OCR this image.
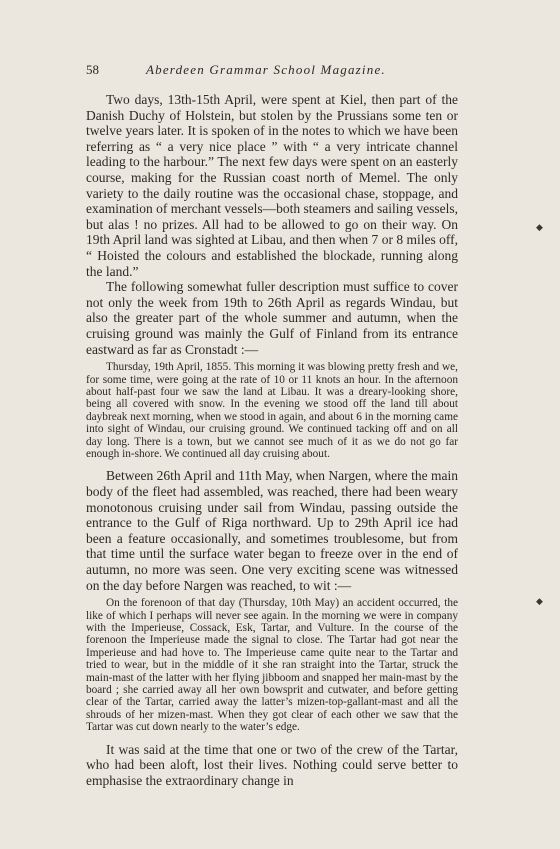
58	Aberdeen Grammar School Magazine.

Two days, 13th-15th April, were spent at Kiel, then part of the Danish Duchy of Holstein, but stolen by the Prussians some ten or twelve years later. It is spoken of in the notes to which we have been referring as “ a very nice place ” with “ a very intricate channel leading to the harbour.” The next few days were spent on an easterly course, making for the Russian coast north of Memel. The only variety to the daily routine was the occasional chase, stoppage, and examination of merchant vessels—both steamers and sailing vessels, but alas ! no prizes. All had to be allowed to go on their way. On 19th April land was sighted at Libau, and then when 7 or 8 miles off, “ Hoisted the colours and established the blockade, running along the land.”

The following somewhat fuller description must suffice to cover not only the week from 19th to 26th April as regards Windau, but also the greater part of the whole summer and autumn, when the cruising ground was mainly the Gulf of Finland from its entrance eastward as far as Cronstadt :—

Thursday, 19th April, 1855. This morning it was blowing pretty fresh and we, for some time, were going at the rate of 10 or 11 knots an hour. In the afternoon about half-past four we saw the land at Libau. It was a dreary-looking shore, being all covered with snow. In the evening we stood off the land till about daybreak next morning, when we stood in again, and about 6 in the morning came into sight of Windau, our cruising ground. We continued tacking off and on all day long. There is a town, but we cannot see much of it as we do not go far enough in-shore. We continued all day cruising about.

Between 26th April and 11th May, when Nargen, where the main body of the fleet had assembled, was reached, there had been weary monotonous cruising under sail from Windau, passing outside the entrance to the Gulf of Riga northward. Up to 29th April ice had been a feature occasionally, and sometimes troublesome, but from that time until the surface water began to freeze over in the end of autumn, no more was seen. One very exciting scene was witnessed on the day before Nargen was reached, to wit :—

On the forenoon of that day (Thursday, 10th May) an accident occurred, the like of which I perhaps will never see again. In the morning we were in company with the Imperieuse, Cossack, Esk, Tartar, and Vulture. In the course of the forenoon the Imperieuse made the signal to close. The Tartar had got near the Imperieuse and had hove to. The Imperieuse came quite near to the Tartar and tried to wear, but in the middle of it she ran straight into the Tartar, struck the main-mast of the latter with her flying jibboom and snapped her main-mast by the board ; she carried away all her own bowsprit and cutwater, and before getting clear of the Tartar, carried away the latter’s mizen-top-gallant-mast and all the shrouds of her mizen-mast. When they got clear of each other we saw that the Tartar was cut down nearly to the water’s edge.

It was said at the time that one or two of the crew of the Tartar, who had been aloft, lost their lives. Nothing could serve better to emphasise the extraordinary change in

◆
◆
